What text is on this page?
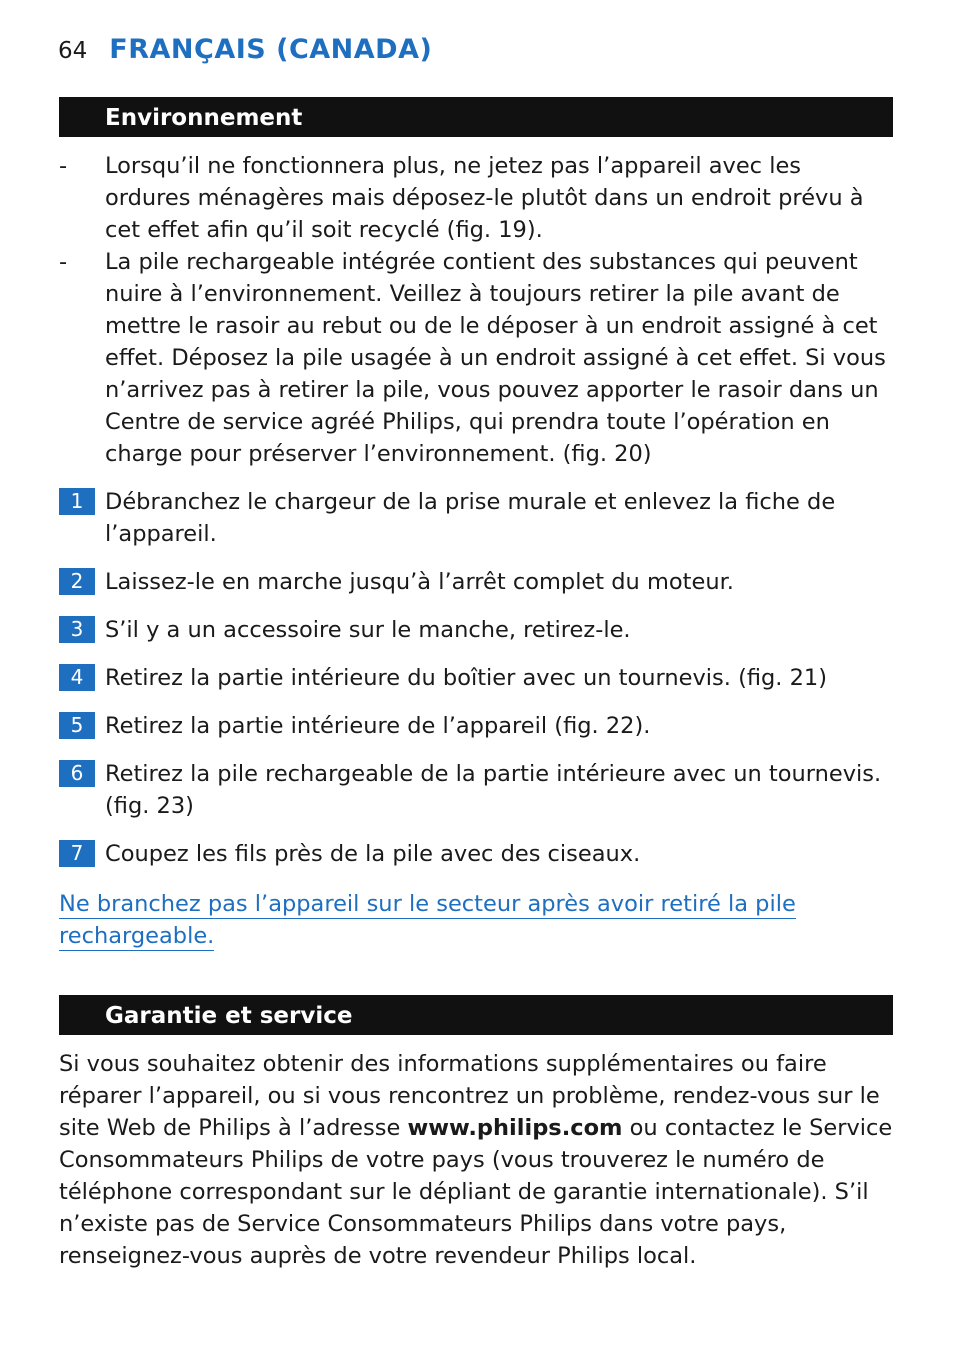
64 FRANÇAIS (CANADA)
Environnement
-	Lorsqu’il ne fonctionnera plus, ne jetez pas l’appareil avec les ordures ménagères mais déposez-le plutôt dans un endroit prévu à cet effet afin qu’il soit recyclé (fig. 19).
-	La pile rechargeable intégrée contient des substances qui peuvent nuire à l’environnement. Veillez à toujours retirer la pile avant de mettre le rasoir au rebut ou de le déposer à un endroit assigné à cet effet. Déposez la pile usagée à un endroit assigné à cet effet. Si vous n’arrivez pas à retirer la pile, vous pouvez apporter le rasoir dans un Centre de service agréé Philips, qui prendra toute l’opération en charge pour préserver l’environnement. (fig. 20)
1 Débranchez le chargeur de la prise murale et enlevez la fiche de l’appareil.
2 Laissez-le en marche jusqu’à l’arrêt complet du moteur.
3 S’il y a un accessoire sur le manche, retirez-le.
4 Retirez la partie intérieure du boîtier avec un tournevis. (fig. 21)
5 Retirez la partie intérieure de l’appareil (fig. 22).
6 Retirez la pile rechargeable de la partie intérieure avec un tournevis. (fig. 23)
7 Coupez les fils près de la pile avec des ciseaux.
Ne branchez pas l’appareil sur le secteur après avoir retiré la pile rechargeable.
Garantie et service
Si vous souhaitez obtenir des informations supplémentaires ou faire réparer l’appareil, ou si vous rencontrez un problème, rendez-vous sur le site Web de Philips à l’adresse www.philips.com ou contactez le Service Consommateurs Philips de votre pays (vous trouverez le numéro de téléphone correspondant sur le dépliant de garantie internationale). S’il n’existe pas de Service Consommateurs Philips dans votre pays, renseignez-vous auprès de votre revendeur Philips local.
